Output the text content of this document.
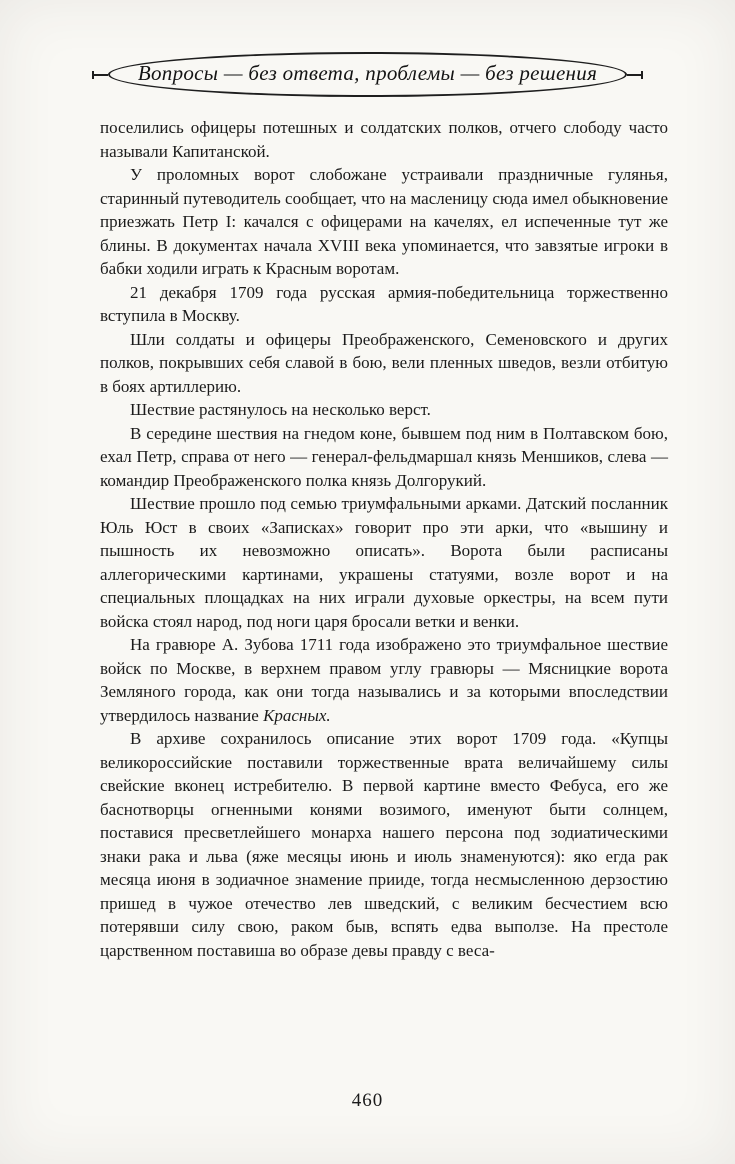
Вопросы — без ответа, проблемы — без решения

поселились офицеры потешных и солдатских полков, отчего слободу часто называли Капитанской.

У проломных ворот слобожане устраивали праздничные гулянья, старинный путеводитель сообщает, что на масленицу сюда имел обыкновение приезжать Петр I: качался с офицерами на качелях, ел испеченные тут же блины. В документах начала XVIII века упоминается, что завзятые игроки в бабки ходили играть к Красным воротам.

21 декабря 1709 года русская армия-победительница торжественно вступила в Москву.

Шли солдаты и офицеры Преображенского, Семеновского и других полков, покрывших себя славой в бою, вели пленных шведов, везли отбитую в боях артиллерию.

Шествие растянулось на несколько верст.

В середине шествия на гнедом коне, бывшем под ним в Полтавском бою, ехал Петр, справа от него — генерал-фельдмаршал князь Меншиков, слева — командир Преображенского полка князь Долгорукий.

Шествие прошло под семью триумфальными арками. Датский посланник Юль Юст в своих «Записках» говорит про эти арки, что «вышину и пышность их невозможно описать». Ворота были расписаны аллегорическими картинами, украшены статуями, возле ворот и на специальных площадках на них играли духовые оркестры, на всем пути войска стоял народ, под ноги царя бросали ветки и венки.

На гравюре А. Зубова 1711 года изображено это триумфальное шествие войск по Москве, в верхнем правом углу гравюры — Мясницкие ворота Земляного города, как они тогда назывались и за которыми впоследствии утвердилось название Красных.

В архиве сохранилось описание этих ворот 1709 года. «Купцы великороссийские поставили торжественные врата величайшему силы свейские вконец истребителю. В первой картине вместо Фебуса, его же баснотворцы огненными конями возимого, именуют быти солнцем, поставися пресветлейшего монарха нашего персона под зодиатическими знаки рака и льва (яже месяцы июнь и июль знаменуются): яко егда рак месяца июня в зодиачное знамение прииде, тогда несмысленною дерзостию пришед в чужое отечество лев шведский, с великим бесчестием всю потерявши силу свою, раком быв, вспять едва выползе. На престоле царственном поставиша во образе девы правду с веса-

460
